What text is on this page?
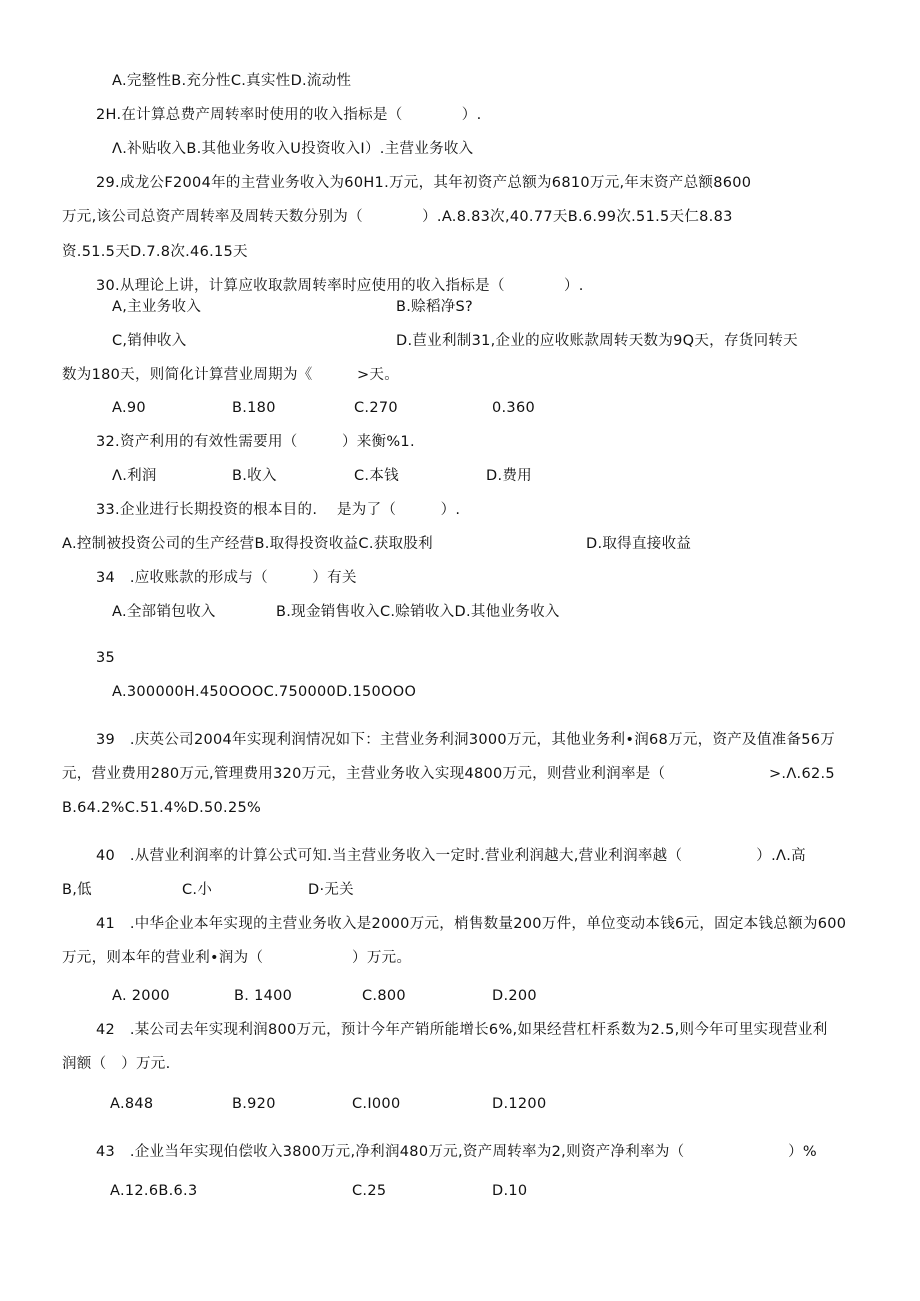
A.完整性B.充分性C.真实性D.流动性
2H.在计算总费产周转率时使用的收入指标是（　　　　）.
Λ.补贴收入B.其他业务收入U投资收入I）.主营业务收入
29.成龙公F2004年的主营业务收入为60H1.万元，其年初资产总额为6810万元,年末资产总额8600
万元,该公司总资产周转率及周转天数分别为（　　　　）.A.8.83次,40.77天B.6.99次.51.5天仁8.83
资.51.5天D.7.8次.46.15天
30.从理论上讲，计算应收取款周转率时应使用的收入指标是（　　　　）.
A,主业务收入	B.赊稻净S?
C,销伸收入	D.苣业利制31,企业的应收账款周转天数为9Q天，存货冋转天
数为180天，则简化计算营业周期为《　　　>天。
A.90	B.180	C.270	0.360
32.资产利用的有效性需要用（　　　）来衡%1.
Λ.利润	B.收入	C.本钱	D.费用
33.企业进行长期投资的根本目的.　 是为了（　　　）.
A.控制被投资公司的生产经营B.取得投资收益C.获取股利	D.取得直接收益
34　.应收账款的形成与（　　　）有关
A.全部销包收入	B.现金销售收入C.赊销收入D.其他业务收入
35
A.300000H.450OOOC.750000D.150OOO
39　.庆英公司2004年实现利润情况如下：主营业务利洞3000万元，其他业务利•润68万元，资产及值准备56万
元，营业费用280万元,管理费用320万元，主营业务收入实现4800万元，则营业利润率是（　　　　　　　>.Λ.62.5
B.64.2%C.51.4%D.50.25%
40　.从营业利润率的计算公式可知.当主营业务收入一定时.营业利润越大,营业利润率越（　　　　　）.Λ.高
B,低	C.小	D·无关
41　.中华企业本年实现的主营业务收入是2000万元，梢售数量200万件，单位变动本钱6元，固定本钱总额为600
万元，则本年的营业利•润为（　　　　　　）万元。
A. 2000	B. 1400	C.800	D.200
42　.某公司去年实现利润800万元，预计今年产销所能增长6%,如果经营杠杆系数为2.5,则今年可里实现营业利
润额（　）万元.
A.848	B.920	C.I000	D.1200
43　.企业当年实现伯偿收入3800万元,净利润480万元,资产周转率为2,则资产净利率为（　　　　　　　）%
A.12.6B.6.3	C.25	D.10
